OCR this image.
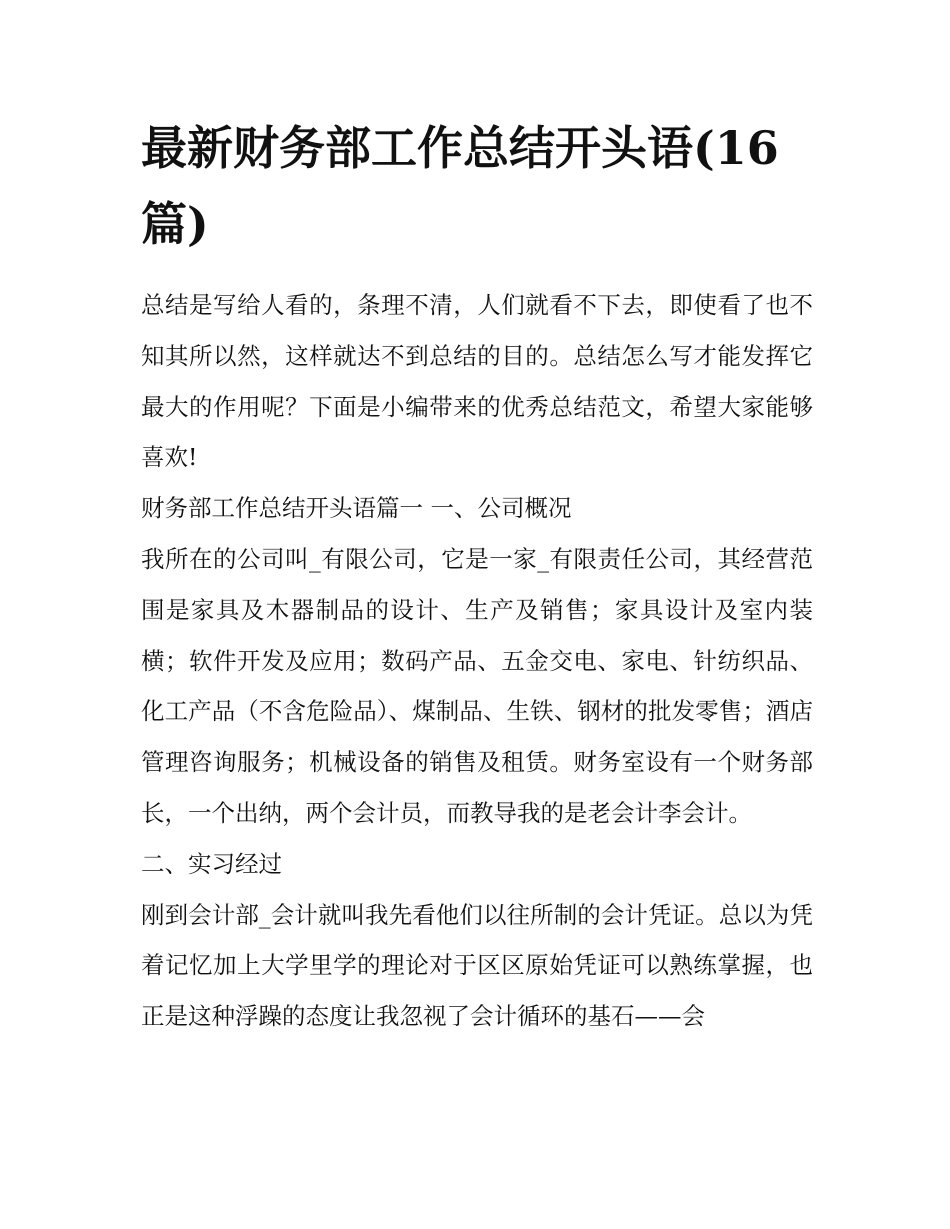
最新财务部工作总结开头语(16篇)

总结是写给人看的，条理不清，人们就看不下去，即使看了也不知其所以然，这样就达不到总结的目的。总结怎么写才能发挥它最大的作用呢？下面是小编带来的优秀总结范文，希望大家能够喜欢!

财务部工作总结开头语篇一 一、公司概况

我所在的公司叫_有限公司，它是一家_有限责任公司，其经营范围是家具及木器制品的设计、生产及销售；家具设计及室内装横；软件开发及应用；数码产品、五金交电、家电、针纺织品、化工产品（不含危险品）、煤制品、生铁、钢材的批发零售；酒店管理咨询服务；机械设备的销售及租赁。财务室设有一个财务部长，一个出纳，两个会计员，而教导我的是老会计李会计。

二、实习经过

刚到会计部_会计就叫我先看他们以往所制的会计凭证。总以为凭着记忆加上大学里学的理论对于区区原始凭证可以熟练掌握，也正是这种浮躁的态度让我忽视了会计循环的基石——会
